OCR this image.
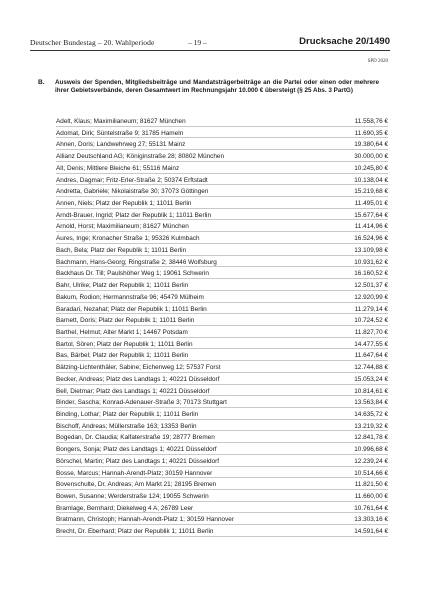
Deutscher Bundestag – 20. Wahlperiode	– 19 –	Drucksache 20/1490
SPD 2020
B. Ausweis der Spenden, Mitgliedsbeiträge und Mandatsträgerbeiträge an die Partei oder einen oder mehrere ihrer Gebietsverbände, deren Gesamtwert im Rechnungsjahr 10.000 € übersteigt (§ 25 Abs. 3 PartG)
Adelt, Klaus; Maximilianeum; 81627 München	11.558,76 €
Adomat, Dirk; Süntelstraße 9; 31785 Hameln	11.690,35 €
Ahnen, Doris; Landwehrweg 27; 55131 Mainz	19.380,64 €
Allianz Deutschland AG; Königinstraße 28; 80802 München	30.000,00 €
Alt, Denis; Mittlere Bleiche 61; 55116 Mainz	10.245,80 €
Andres, Dagmar; Fritz-Erler-Straße 2; 50374 Erftstadt	10.138,04 €
Andretta, Gabriele; Nikolaistraße 30; 37073 Göttingen	15.219,68 €
Annen, Niels; Platz der Republik 1; 11011 Berlin	11.495,01 €
Arndt-Brauer, Ingrid; Platz der Republik 1; 11011 Berlin	15.677,64 €
Arnold, Horst; Maximilianeum; 81627 München	11.414,96 €
Aures, Inge; Kronacher Straße 1; 95326 Kulmbach	16.524,96 €
Bach, Bela; Platz der Republik 1; 11011 Berlin	13.109,98 €
Bachmann, Hans-Georg; Ringstraße 2; 38446 Wolfsburg	10.931,62 €
Backhaus Dr. Till; Paulshöher Weg 1; 19061 Schwerin	16.160,52 €
Bahr, Ulrike; Platz der Republik 1; 11011 Berlin	12.501,37 €
Bakum, Rodion; Hermannstraße 96; 45479 Mülheim	12.920,99 €
Baradari, Nezahat; Platz der Republik 1; 11011 Berlin	11.279,14 €
Barnett, Doris; Platz der Republik 1; 11011 Berlin	10.724,52 €
Barthel, Helmut; Alter Markt 1; 14467 Potsdam	11.827,70 €
Bartol, Sören; Platz der Republik 1; 11011 Berlin	14.477,55 €
Bas, Bärbel; Platz der Republik 1; 11011 Berlin	11.647,64 €
Bätzing-Lichtenthäler, Sabine; Eichenweg 12; 57537 Forst	12.744,88 €
Becker, Andreas; Platz des Landtags 1; 40221 Düsseldorf	15.053,24 €
Bell, Dietmar; Platz des Landtags 1; 40221 Düsseldorf	10.814,61 €
Binder, Sascha; Konrad-Adenauer-Straße 3; 70173 Stuttgart	13.563,84 €
Binding, Lothar; Platz der Republik 1; 11011 Berlin	14.635,72 €
Bischoff, Andreas; Müllerstraße 163; 13353 Berlin	13.219,32 €
Bogedan, Dr. Claudia; Kalfaterstraße 19; 28777 Bremen	12.841,78 €
Bongers, Sonja; Platz des Landtags 1; 40221 Düsseldorf	10.996,68 €
Börschel, Martin; Platz des Landtags 1; 40221 Düsseldorf	12.239,24 €
Bosse, Marcus; Hannah-Arendt-Platz; 30159 Hannover	10.514,66 €
Bovenschulte, Dr. Andreas; Am Markt 21; 28195 Bremen	11.821,50 €
Bowen, Susanne; Werderstraße 124; 19055 Schwerin	11.660,00 €
Bramlage, Bernhard; Diekelweg 4 A; 26789 Leer	10.761,64 €
Bratmann, Christoph; Hannah-Arendt-Platz 1; 30159 Hannover	13.303,16 €
Brecht, Dr. Eberhard; Platz der Republik 1; 11011 Berlin	14.591,64 €
